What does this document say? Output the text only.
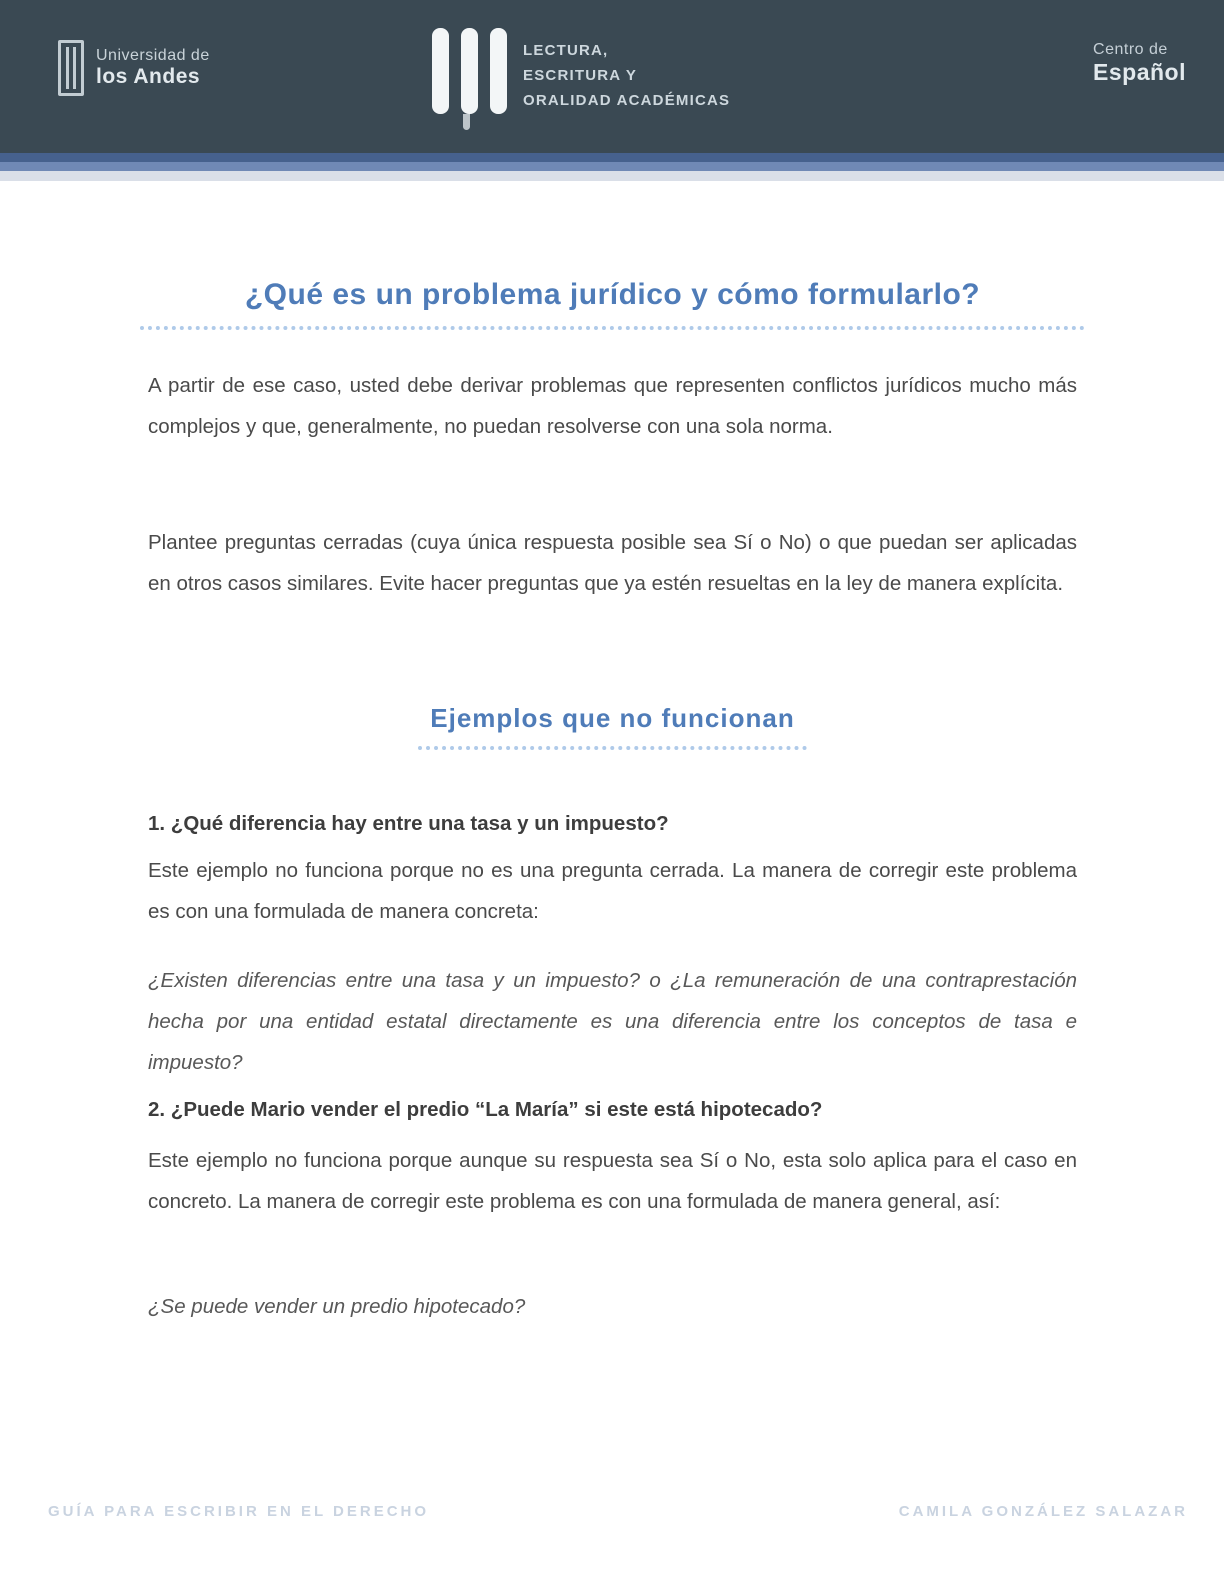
Universidad de
los Andes
LECTURA,
ESCRITURA Y
ORALIDAD ACADÉMICAS
Centro de
Español
¿Qué es un problema jurídico y cómo formularlo?

A partir de ese caso, usted debe derivar problemas que representen conflictos jurídicos mucho más complejos y que, generalmente, no puedan resolverse con una sola norma.

Plantee preguntas cerradas (cuya única respuesta posible sea Sí o No) o que puedan ser aplicadas en otros casos similares. Evite hacer preguntas que ya estén resueltas en la ley de manera explícita.

Ejemplos que no funcionan
1. ¿Qué diferencia hay entre una tasa y un impuesto?

Este ejemplo no funciona porque no es una pregunta cerrada. La manera de corregir este problema es con una formulada de manera concreta:

¿Existen diferencias entre una tasa y un impuesto? o ¿La remuneración de una contraprestación hecha por una entidad estatal directamente es una diferencia entre los conceptos de tasa e impuesto?

2. ¿Puede Mario vender el predio “La María” si este está hipotecado?

Este ejemplo no funciona porque aunque su respuesta sea Sí o No, esta solo aplica para el caso en concreto. La manera de corregir este problema es con una formulada de manera general, así:

¿Se puede vender un predio hipotecado?

GUÍA PARA ESCRIBIR EN EL DERECHO	CAMILA GONZÁLEZ SALAZAR
